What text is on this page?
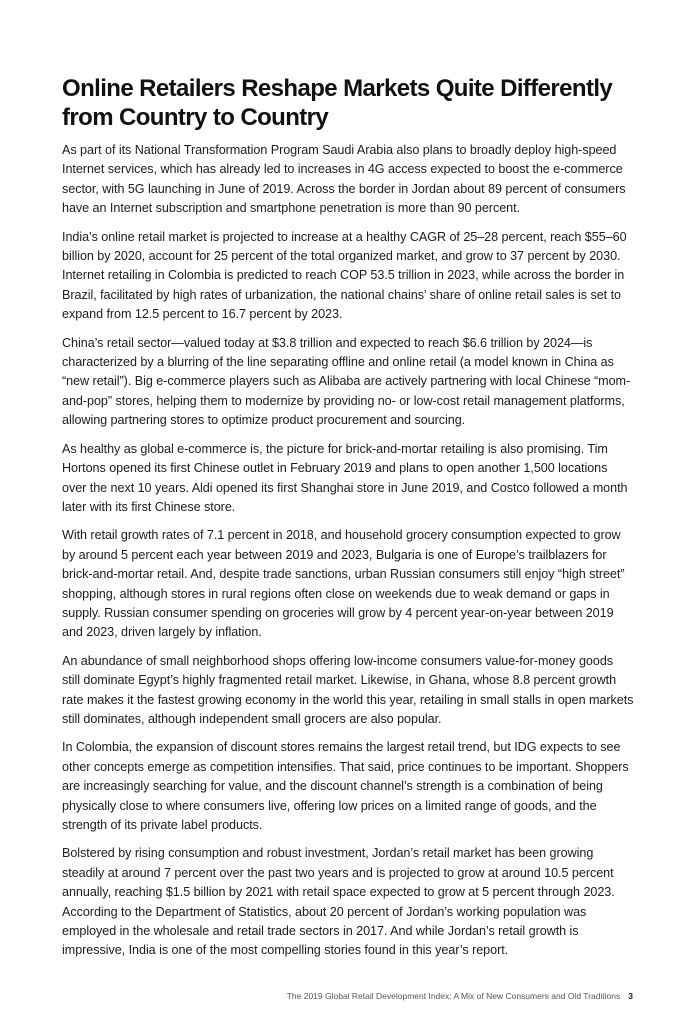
Online Retailers Reshape Markets Quite Differently from Country to Country

As part of its National Transformation Program Saudi Arabia also plans to broadly deploy high-speed Internet services, which has already led to increases in 4G access expected to boost the e-commerce sector, with 5G launching in June of 2019. Across the border in Jordan about 89 percent of consumers have an Internet subscription and smartphone penetration is more than 90 percent.

India’s online retail market is projected to increase at a healthy CAGR of 25–28 percent, reach $55–60 billion by 2020, account for 25 percent of the total organized market, and grow to 37 percent by 2030. Internet retailing in Colombia is predicted to reach COP 53.5 trillion in 2023, while across the border in Brazil, facilitated by high rates of urbanization, the national chains’ share of online retail sales is set to expand from 12.5 percent to 16.7 percent by 2023.

China’s retail sector—valued today at $3.8 trillion and expected to reach $6.6 trillion by 2024—is characterized by a blurring of the line separating offline and online retail (a model known in China as “new retail”). Big e-commerce players such as Alibaba are actively partnering with local Chinese “mom-and-pop” stores, helping them to modernize by providing no- or low-cost retail management platforms, allowing partnering stores to optimize product procurement and sourcing.

As healthy as global e-commerce is, the picture for brick-and-mortar retailing is also promising. Tim Hortons opened its first Chinese outlet in February 2019 and plans to open another 1,500 locations over the next 10 years. Aldi opened its first Shanghai store in June 2019, and Costco followed a month later with its first Chinese store.

With retail growth rates of 7.1 percent in 2018, and household grocery consumption expected to grow by around 5 percent each year between 2019 and 2023, Bulgaria is one of Europe’s trailblazers for brick-and-mortar retail. And, despite trade sanctions, urban Russian consumers still enjoy “high street” shopping, although stores in rural regions often close on weekends due to weak demand or gaps in supply. Russian consumer spending on groceries will grow by 4 percent year-on-year between 2019 and 2023, driven largely by inflation.

An abundance of small neighborhood shops offering low-income consumers value-for-money goods still dominate Egypt’s highly fragmented retail market. Likewise, in Ghana, whose 8.8 percent growth rate makes it the fastest growing economy in the world this year, retailing in small stalls in open markets still dominates, although independent small grocers are also popular.

In Colombia, the expansion of discount stores remains the largest retail trend, but IDG expects to see other concepts emerge as competition intensifies. That said, price continues to be important. Shoppers are increasingly searching for value, and the discount channel’s strength is a combination of being physically close to where consumers live, offering low prices on a limited range of goods, and the strength of its private label products.

Bolstered by rising consumption and robust investment, Jordan’s retail market has been growing steadily at around 7 percent over the past two years and is projected to grow at around 10.5 percent annually, reaching $1.5 billion by 2021 with retail space expected to grow at 5 percent through 2023. According to the Department of Statistics, about 20 percent of Jordan’s working population was employed in the wholesale and retail trade sectors in 2017. And while Jordan’s retail growth is impressive, India is one of the most compelling stories found in this year’s report.

The 2019 Global Retail Development Index: A Mix of New Consumers and Old Traditions 3
